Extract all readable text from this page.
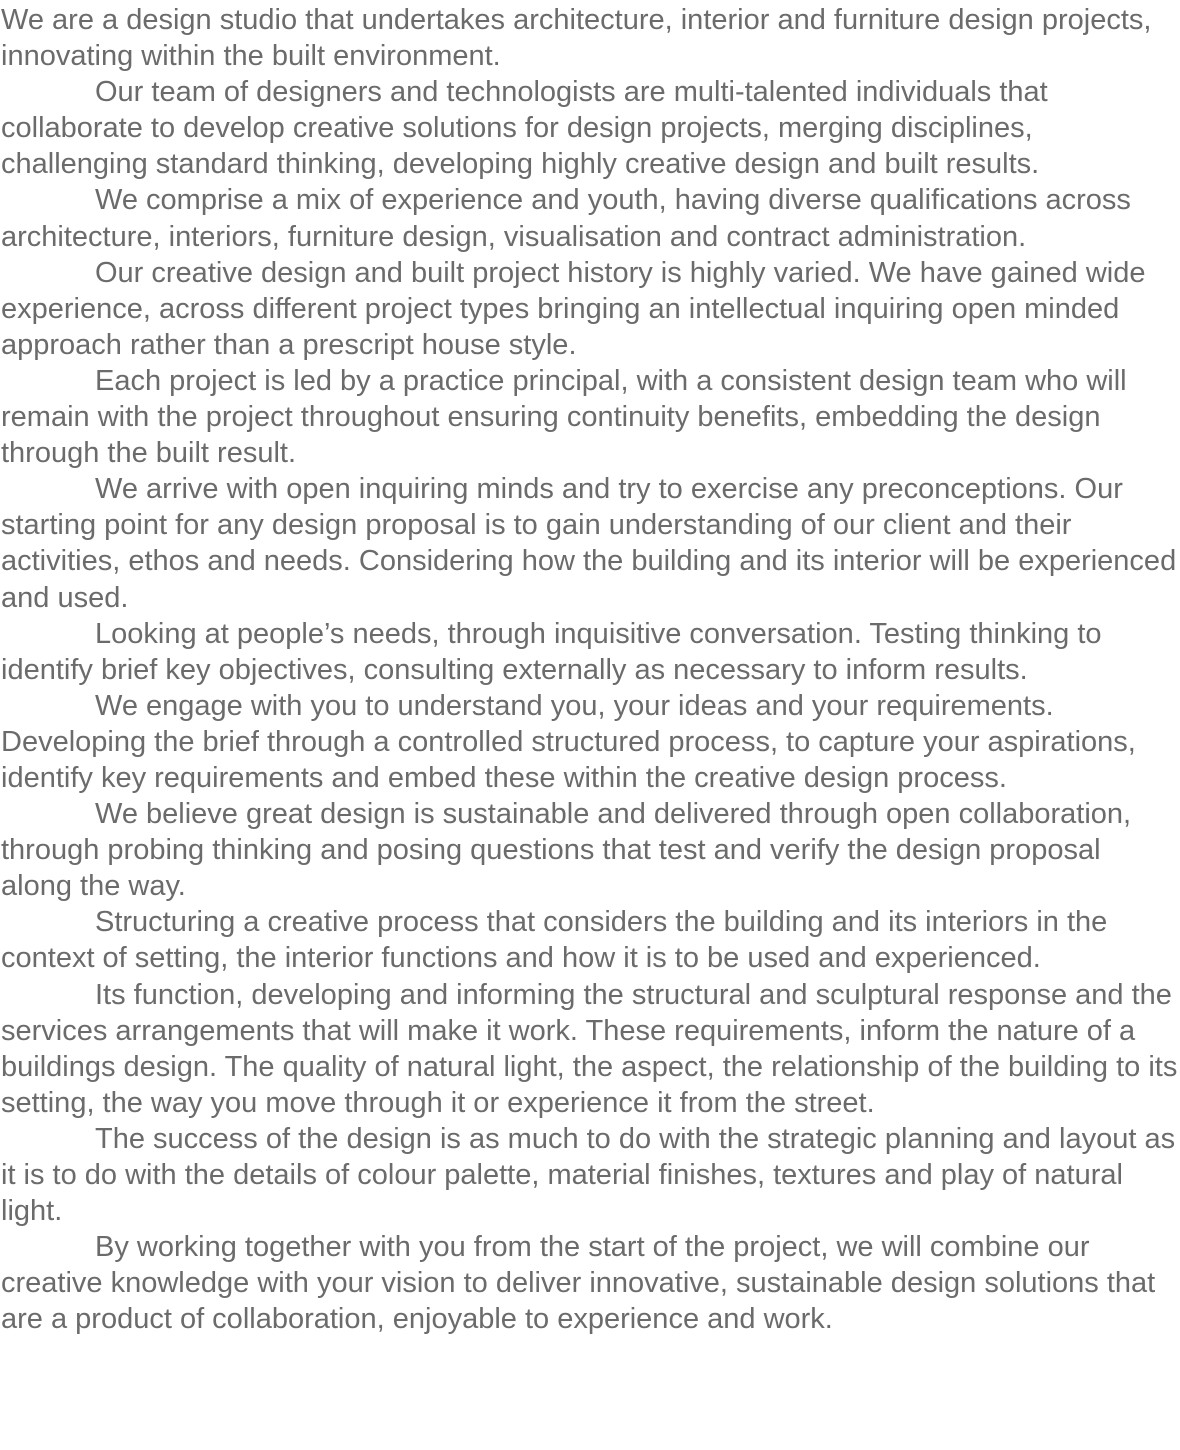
We are a design studio that undertakes architecture, interior and furniture design projects, innovating within the built environment.

Our team of designers and technologists are multi-talented individuals that collaborate to develop creative solutions for design projects, merging disciplines, challenging standard thinking, developing highly creative design and built results.

We comprise a mix of experience and youth, having diverse qualifications across architecture, interiors, furniture design, visualisation and contract administration.

Our creative design and built project history is highly varied. We have gained wide experience, across different project types bringing an intellectual inquiring open minded approach rather than a prescript house style.

Each project is led by a practice principal, with a consistent design team who will remain with the project throughout ensuring continuity benefits, embedding the design through the built result.

We arrive with open inquiring minds and try to exercise any preconceptions. Our starting point for any design proposal is to gain understanding of our client and their activities, ethos and needs. Considering how the building and its interior will be experienced and used.

Looking at people’s needs, through inquisitive conversation. Testing thinking to identify brief key objectives, consulting externally as necessary to inform results.

We engage with you to understand you, your ideas and your requirements. Developing the brief through a controlled structured process, to capture your aspirations, identify key requirements and embed these within the creative design process.

We believe great design is sustainable and delivered through open collaboration, through probing thinking and posing questions that test and verify the design proposal along the way.

Structuring a creative process that considers the building and its interiors in the context of setting, the interior functions and how it is to be used and experienced.

Its function, developing and informing the structural and sculptural response and the services arrangements that will make it work. These requirements, inform the nature of a buildings design. The quality of natural light, the aspect, the relationship of the building to its setting, the way you move through it or experience it from the street.

The success of the design is as much to do with the strategic planning and layout as it is to do with the details of colour palette, material finishes, textures and play of natural light.

By working together with you from the start of the project, we will combine our creative knowledge with your vision to deliver innovative, sustainable design solutions that are a product of collaboration, enjoyable to experience and work.
